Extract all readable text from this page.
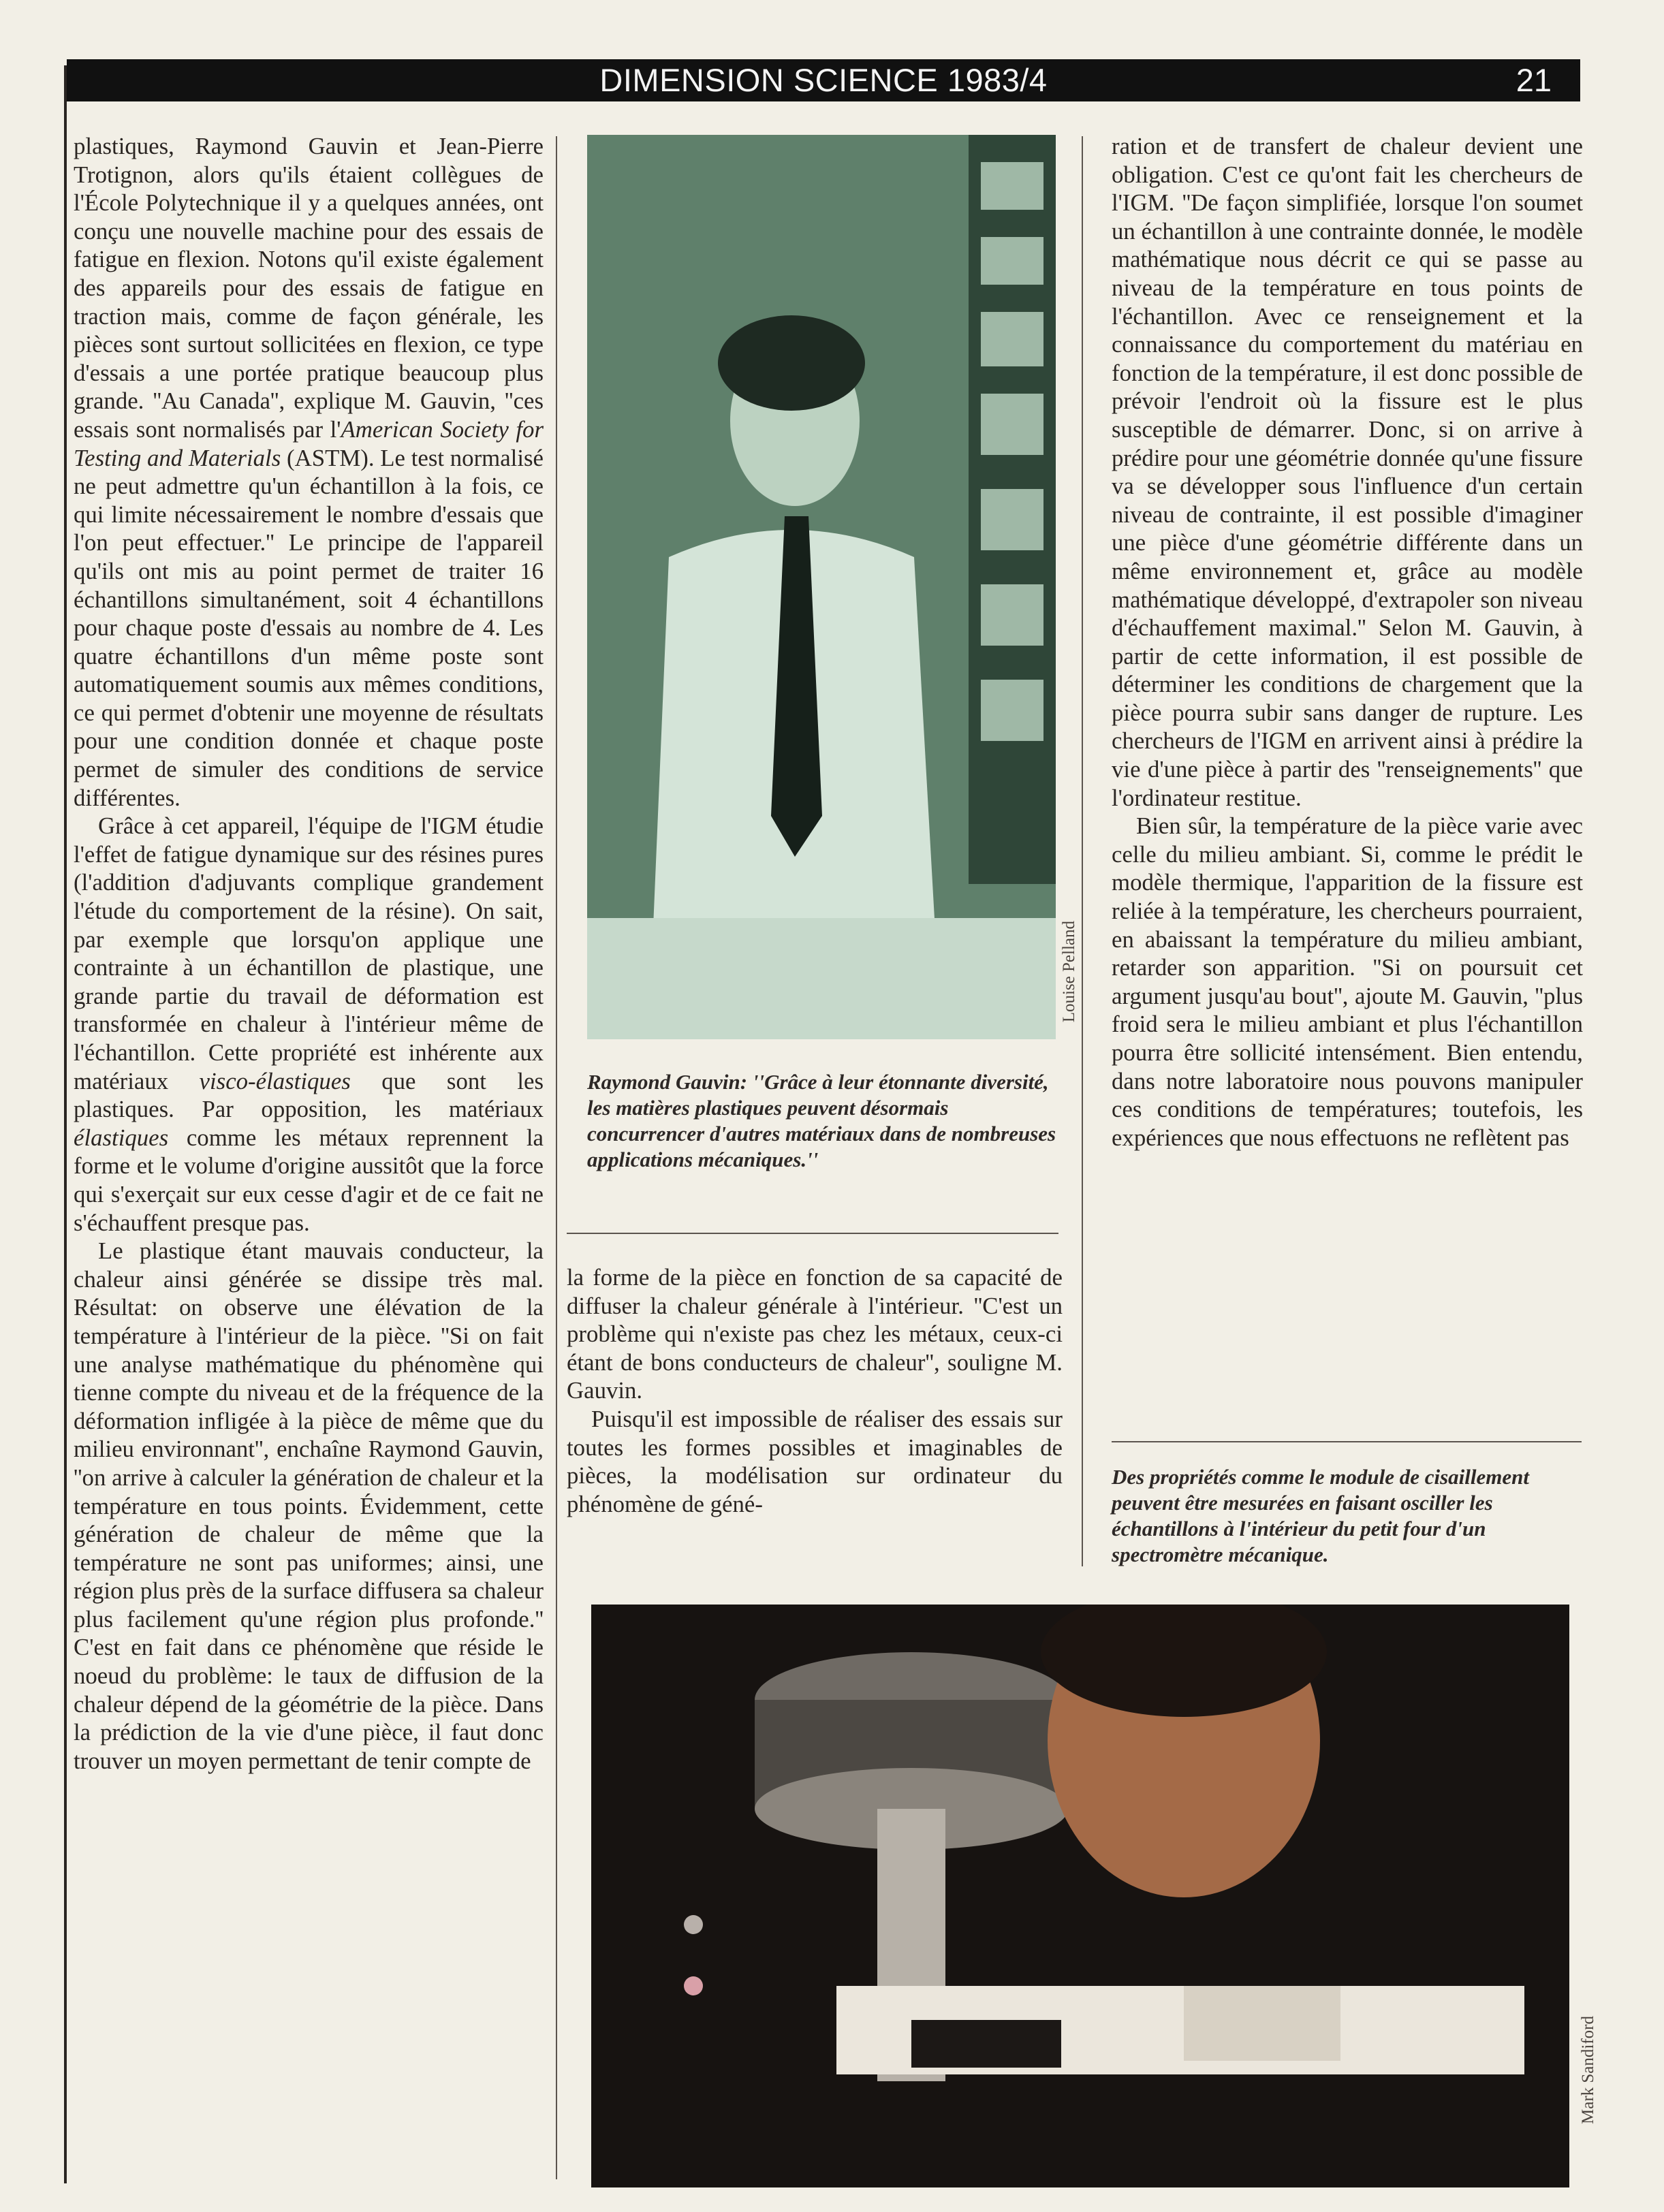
DIMENSION SCIENCE 1983/4	21

plastiques, Raymond Gauvin et Jean-Pierre Trotignon, alors qu'ils étaient collègues de l'École Polytechnique il y a quelques années, ont conçu une nouvelle machine pour des essais de fatigue en flexion. Notons qu'il existe également des appareils pour des essais de fatigue en traction mais, comme de façon générale, les pièces sont surtout sollicitées en flexion, ce type d'essais a une portée pratique beaucoup plus grande. ''Au Canada'', explique M. Gauvin, ''ces essais sont normalisés par l'American Society for Testing and Materials (ASTM). Le test normalisé ne peut admettre qu'un échantillon à la fois, ce qui limite nécessairement le nombre d'essais que l'on peut effectuer.'' Le principe de l'appareil qu'ils ont mis au point permet de traiter 16 échantillons simultanément, soit 4 échantillons pour chaque poste d'essais au nombre de 4. Les quatre échantillons d'un même poste sont automatiquement soumis aux mêmes conditions, ce qui permet d'obtenir une moyenne de résultats pour une condition donnée et chaque poste permet de simuler des conditions de service différentes.

Grâce à cet appareil, l'équipe de l'IGM étudie l'effet de fatigue dynamique sur des résines pures (l'addition d'adjuvants complique grandement l'étude du comportement de la résine). On sait, par exemple que lorsqu'on applique une contrainte à un échantillon de plastique, une grande partie du travail de déformation est transformée en chaleur à l'intérieur même de l'échantillon. Cette propriété est inhérente aux matériaux visco-élastiques que sont les plastiques. Par opposition, les matériaux élastiques comme les métaux reprennent la forme et le volume d'origine aussitôt que la force qui s'exerçait sur eux cesse d'agir et de ce fait ne s'échauffent presque pas.

Le plastique étant mauvais conducteur, la chaleur ainsi générée se dissipe très mal. Résultat: on observe une élévation de la température à l'intérieur de la pièce. ''Si on fait une analyse mathématique du phénomène qui tienne compte du niveau et de la fréquence de la déformation infligée à la pièce de même que du milieu environnant'', enchaîne Raymond Gauvin, ''on arrive à calculer la génération de chaleur et la température en tous points. Évidemment, cette génération de chaleur de même que la température ne sont pas uniformes; ainsi, une région plus près de la surface diffusera sa chaleur plus facilement qu'une région plus profonde.'' C'est en fait dans ce phénomène que réside le noeud du problème: le taux de diffusion de la chaleur dépend de la géométrie de la pièce. Dans la prédiction de la vie d'une pièce, il faut donc trouver un moyen permettant de tenir compte de

Louise Pelland
Raymond Gauvin: ''Grâce à leur étonnante diversité, les matières plastiques peuvent désormais concurrencer d'autres matériaux dans de nombreuses applications mécaniques.''

la forme de la pièce en fonction de sa capacité de diffuser la chaleur générale à l'intérieur. ''C'est un problème qui n'existe pas chez les métaux, ceux-ci étant de bons conducteurs de chaleur'', souligne M. Gauvin.

Puisqu'il est impossible de réaliser des essais sur toutes les formes possibles et imaginables de pièces, la modélisation sur ordinateur du phénomène de géné-

ration et de transfert de chaleur devient une obligation. C'est ce qu'ont fait les chercheurs de l'IGM. ''De façon simplifiée, lorsque l'on soumet un échantillon à une contrainte donnée, le modèle mathématique nous décrit ce qui se passe au niveau de la température en tous points de l'échantillon. Avec ce renseignement et la connaissance du comportement du matériau en fonction de la température, il est donc possible de prévoir l'endroit où la fissure est le plus susceptible de démarrer. Donc, si on arrive à prédire pour une géométrie donnée qu'une fissure va se développer sous l'influence d'un certain niveau de contrainte, il est possible d'imaginer une pièce d'une géométrie différente dans un même environnement et, grâce au modèle mathématique développé, d'extrapoler son niveau d'échauffement maximal.'' Selon M. Gauvin, à partir de cette information, il est possible de déterminer les conditions de chargement que la pièce pourra subir sans danger de rupture. Les chercheurs de l'IGM en arrivent ainsi à prédire la vie d'une pièce à partir des ''renseignements'' que l'ordinateur restitue.

Bien sûr, la température de la pièce varie avec celle du milieu ambiant. Si, comme le prédit le modèle thermique, l'apparition de la fissure est reliée à la température, les chercheurs pourraient, en abaissant la température du milieu ambiant, retarder son apparition. ''Si on poursuit cet argument jusqu'au bout'', ajoute M. Gauvin, ''plus froid sera le milieu ambiant et plus l'échantillon pourra être sollicité intensément. Bien entendu, dans notre laboratoire nous pouvons manipuler ces conditions de températures; toutefois, les expériences que nous effectuons ne reflètent pas

Des propriétés comme le module de cisaillement peuvent être mesurées en faisant osciller les échantillons à l'intérieur du petit four d'un spectromètre mécanique.
Mark Sandiford
